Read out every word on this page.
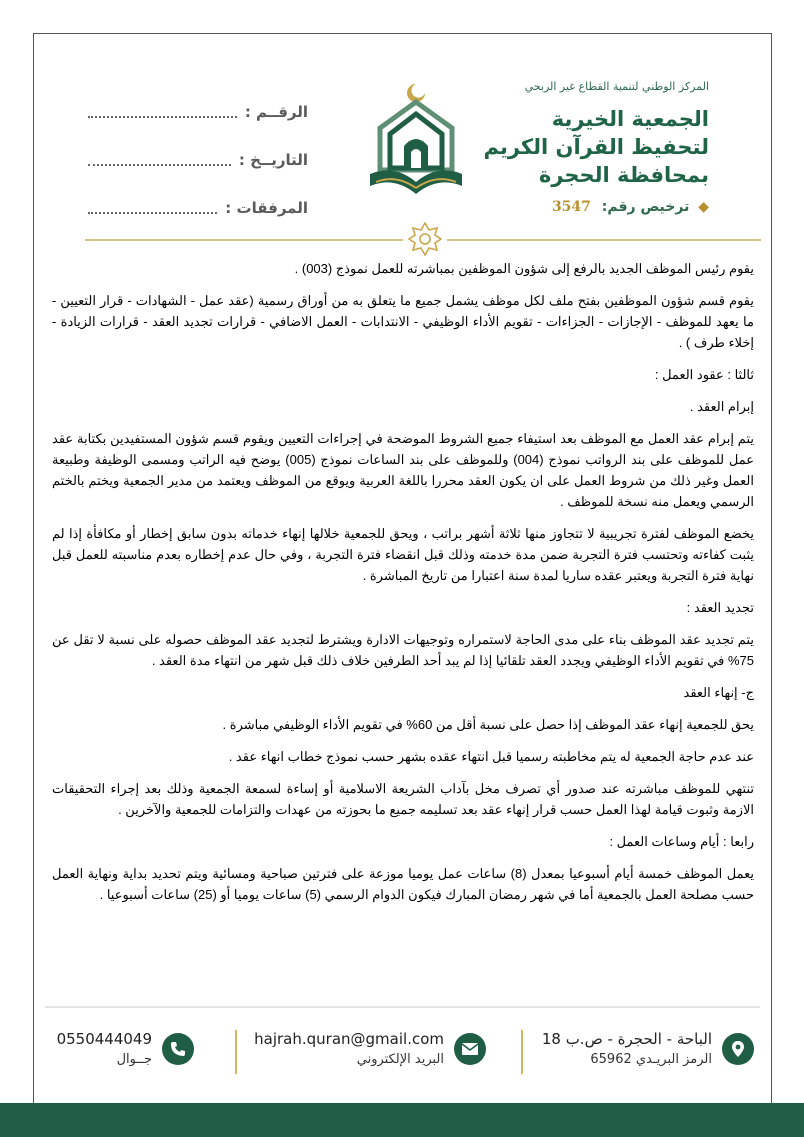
المركز الوطني لتنمية القطاع غير الربحي
الجمعية الخيرية
لتحفيظ القرآن الكريم
بمحافظة الحجرة
◆ ترخيص رقم: 3547
الرقــم :
التاريــخ :
المرفقات :

يقوم رئيس الموظف الجديد بالرفع إلى شؤون الموظفين بمباشرته للعمل نموذج (003) .

يقوم قسم شؤون الموظفين بفتح ملف لكل موظف يشمل جميع ما يتعلق به من أوراق رسمية (عقد عمل - الشهادات - قرار التعيين - ما يعهد للموظف - الإجازات - الجزاءات - تقويم الأداء الوظيفي - الانتدابات - العمل الاضافي - قرارات تجديد العقد - قرارات الزيادة - إخلاء طرف ) .

ثالثا : عقود العمل :

إبرام العقد .

يتم إبرام عقد العمل مع الموظف بعد استيفاء جميع الشروط الموضحة في إجراءات التعيين ويقوم قسم شؤون المستفيدين بكتابة عقد عمل للموظف على بند الرواتب نموذج (004) وللموظف على بند الساعات نموذج (005) يوضح فيه الراتب ومسمى الوظيفة وطبيعة العمل وغير ذلك من شروط العمل على ان يكون العقد محررا باللغة العربية ويوقع من الموظف ويعتمد من مدير الجمعية ويختم بالختم الرسمي ويعمل منه نسخة للموظف .

يخضع الموظف لفترة تجريبية لا تتجاوز منها ثلاثة أشهر براتب ، ويحق للجمعية خلالها إنهاء خدماته بدون سابق إخطار أو مكافأة إذا لم يثبت كفاءته وتحتسب فترة التجربة ضمن مدة خدمته وذلك قبل انقضاء فترة التجربة ، وفي حال عدم إخطاره بعدم مناسبته للعمل قبل نهاية فترة التجربة ويعتبر عقده ساريا لمدة سنة اعتبارا من تاريخ المباشرة .

تجديد العقد :

يتم تجديد عقد الموظف بناء على مدى الحاجة لاستمراره وتوجيهات الادارة ويشترط لتجديد عقد الموظف حصوله على نسبة لا تقل عن 75% في تقويم الأداء الوظيفي ويجدد العقد تلقائيا إذا لم يبد أحد الطرفين خلاف ذلك قبل شهر من انتهاء مدة العقد .

ج- إنهاء العقد

يحق للجمعية إنهاء عقد الموظف إذا حصل على نسبة أقل من 60% في تقويم الأداء الوظيفي مباشرة .

عند عدم حاجة الجمعية له يتم مخاطبته رسميا قبل انتهاء عقده بشهر حسب نموذج خطاب انهاء عقد .

تنتهي للموظف مباشرته عند صدور أي تصرف مخل بآداب الشريعة الاسلامية أو إساءة لسمعة الجمعية وذلك بعد إجراء التحقيقات الازمة وثبوت قيامة لهذا العمل حسب قرار إنهاء عقد بعد تسليمه جميع ما بحوزته من عهدات والتزامات للجمعية والآخرين .

رابعا : أيام وساعات العمل :

يعمل الموظف خمسة أيام أسبوعيا بمعدل (8) ساعات عمل يوميا موزعة على فترتين صباحية ومسائية ويتم تحديد بداية ونهاية العمل حسب مصلحة العمل بالجمعية أما في شهر رمضان المبارك فيكون الدوام الرسمي (5) ساعات يوميا أو (25) ساعات أسبوعيا .

الباحة - الحجرة - ص.ب 18
الرمز البريـدي 65962
hajrah.quran@gmail.com
البريد الإلكتروني
0550444049
جــوال
